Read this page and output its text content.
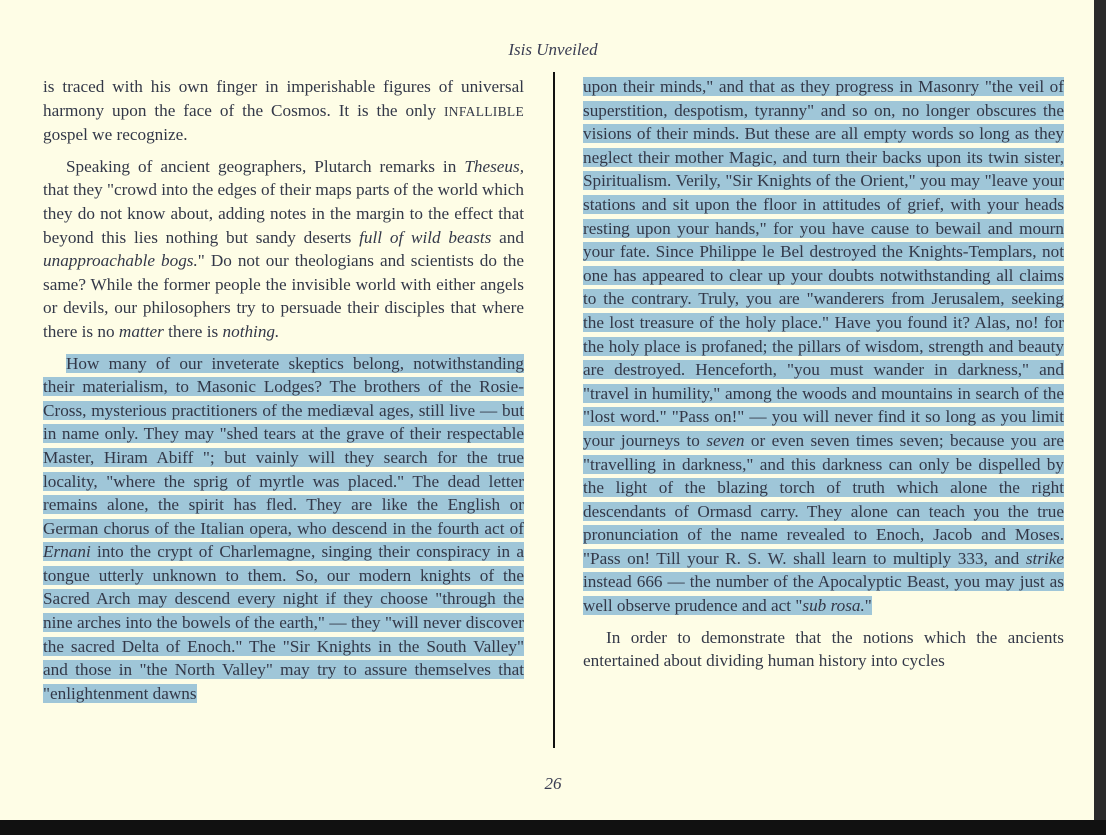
Isis Unveiled

is traced with his own finger in imperishable figures of universal harmony upon the face of the Cosmos. It is the only INFALLIBLE gospel we recognize.

Speaking of ancient geographers, Plutarch remarks in Theseus, that they "crowd into the edges of their maps parts of the world which they do not know about, adding notes in the margin to the effect that beyond this lies nothing but sandy deserts full of wild beasts and unapproachable bogs." Do not our theologians and scientists do the same? While the former people the invisible world with either angels or devils, our philosophers try to persuade their disciples that where there is no matter there is nothing.

How many of our inveterate skeptics belong, notwithstanding their materialism, to Masonic Lodges? The brothers of the Rosie-Cross, mysterious practitioners of the mediæval ages, still live — but in name only. They may "shed tears at the grave of their respectable Master, Hiram Abiff "; but vainly will they search for the true locality, "where the sprig of myrtle was placed." The dead letter remains alone, the spirit has fled. They are like the English or German chorus of the Italian opera, who descend in the fourth act of Ernani into the crypt of Charlemagne, singing their conspiracy in a tongue utterly unknown to them. So, our modern knights of the Sacred Arch may descend every night if they choose "through the nine arches into the bowels of the earth," — they "will never discover the sacred Delta of Enoch." The "Sir Knights in the South Valley" and those in "the North Valley" may try to assure themselves that "enlightenment dawns

upon their minds," and that as they progress in Masonry "the veil of superstition, despotism, tyranny" and so on, no longer obscures the visions of their minds. But these are all empty words so long as they neglect their mother Magic, and turn their backs upon its twin sister, Spiritualism. Verily, "Sir Knights of the Orient," you may "leave your stations and sit upon the floor in attitudes of grief, with your heads resting upon your hands," for you have cause to bewail and mourn your fate. Since Philippe le Bel destroyed the Knights-Templars, not one has appeared to clear up your doubts notwithstanding all claims to the contrary. Truly, you are "wanderers from Jerusalem, seeking the lost treasure of the holy place." Have you found it? Alas, no! for the holy place is profaned; the pillars of wisdom, strength and beauty are destroyed. Henceforth, "you must wander in darkness," and "travel in humility," among the woods and mountains in search of the "lost word." "Pass on!" — you will never find it so long as you limit your journeys to seven or even seven times seven; because you are "travelling in darkness," and this darkness can only be dispelled by the light of the blazing torch of truth which alone the right descendants of Ormasd carry. They alone can teach you the true pronunciation of the name revealed to Enoch, Jacob and Moses. "Pass on! Till your R. S. W. shall learn to multiply 333, and strike instead 666 — the number of the Apocalyptic Beast, you may just as well observe prudence and act "sub rosa."

In order to demonstrate that the notions which the ancients entertained about dividing human history into cycles

26
